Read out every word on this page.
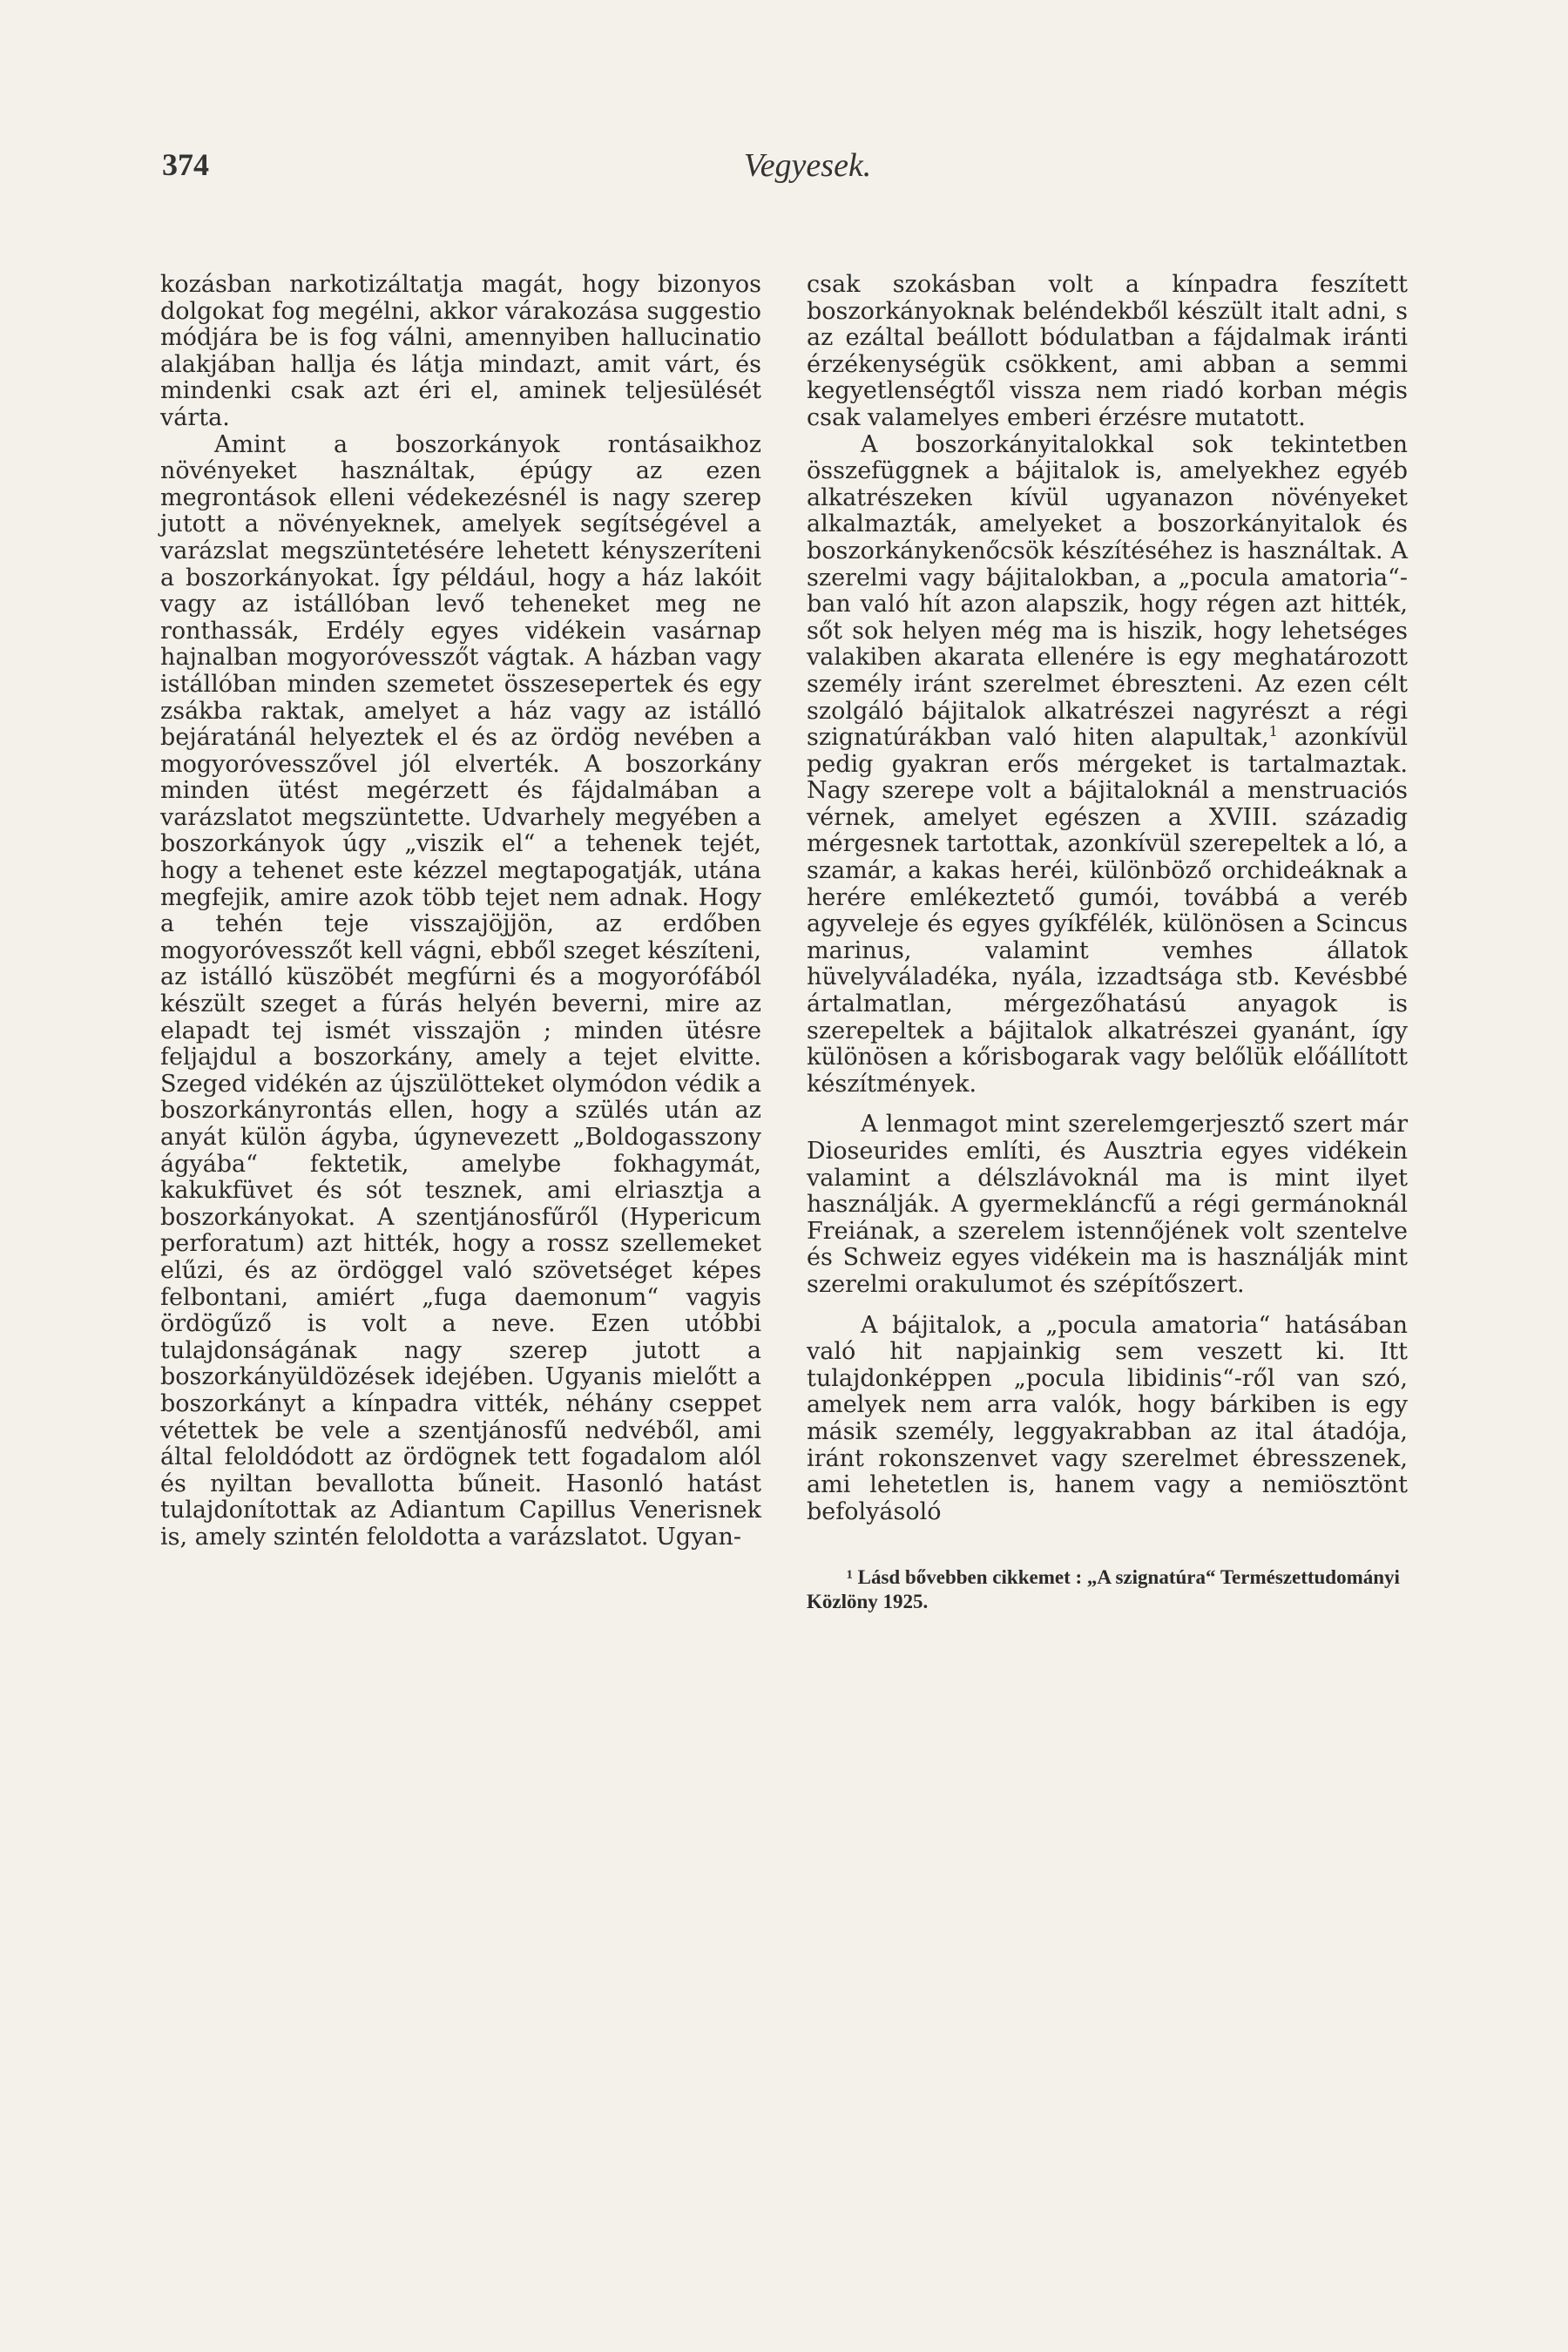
374	Vegyesek.

kozásban narkotizáltatja magát, hogy bizonyos dolgokat fog megélni, akkor várakozása suggestio módjára be is fog válni, amennyiben hallucinatio alakjában hallja és látja mindazt, amit várt, és mindenki csak azt éri el, aminek teljesülését várta.

Amint a boszorkányok rontásaikhoz növényeket használtak, épúgy az ezen megrontások elleni védekezésnél is nagy szerep jutott a növényeknek, amelyek segítségével a varázslat megszüntetésére lehetett kényszeríteni a boszorkányokat. Így például, hogy a ház lakóit vagy az istállóban levő teheneket meg ne ronthassák, Erdély egyes vidékein vasárnap hajnalban mogyoróvesszőt vágtak. A házban vagy istállóban minden szemetet összesepertek és egy zsákba raktak, amelyet a ház vagy az istálló bejáratánál helyeztek el és az ördög nevében a mogyoróvesszővel jól elverték. A boszorkány minden ütést megérzett és fájdalmában a varázslatot megszüntette. Udvarhely megyében a boszorkányok úgy „viszik el“ a tehenek tejét, hogy a tehenet este kézzel megtapogatják, utána megfejik, amire azok több tejet nem adnak. Hogy a tehén teje visszajöjjön, az erdőben mogyoróvesszőt kell vágni, ebből szeget készíteni, az istálló küszöbét megfúrni és a mogyorófából készült szeget a fúrás helyén beverni, mire az elapadt tej ismét visszajön ; minden ütésre feljajdul a boszorkány, amely a tejet elvitte. Szeged vidékén az újszülötteket olymódon védik a boszorkányrontás ellen, hogy a szülés után az anyát külön ágyba, úgynevezett „Boldogasszony ágyába“ fektetik, amelybe fokhagymát, kakukfüvet és sót tesznek, ami elriasztja a boszorkányokat. A szentjánosfűről (Hypericum perforatum) azt hitték, hogy a rossz szellemeket elűzi, és az ördöggel való szövetséget képes felbontani, amiért „fuga daemonum“ vagyis ördögűző is volt a neve. Ezen utóbbi tulajdonságának nagy szerep jutott a boszorkányüldözések idejében. Ugyanis mielőtt a boszorkányt a kínpadra vitték, néhány cseppet vétettek be vele a szentjánosfű nedvéből, ami által feloldódott az ördögnek tett fogadalom alól és nyiltan bevallotta bűneit. Hasonló hatást tulajdonítottak az Adiantum Capillus Venerisnek is, amely szintén feloldotta a varázslatot. Ugyan-

csak szokásban volt a kínpadra feszített boszorkányoknak beléndekből készült italt adni, s az ezáltal beállott bódulatban a fájdalmak iránti érzékenységük csökkent, ami abban a semmi kegyetlenségtől vissza nem riadó korban mégis csak valamelyes emberi érzésre mutatott.

A boszorkányitalokkal sok tekintetben összefüggnek a bájitalok is, amelyekhez egyéb alkatrészeken kívül ugyanazon növényeket alkalmazták, amelyeket a boszorkányitalok és boszorkánykenőcsök készítéséhez is használtak. A szerelmi vagy bájitalokban, a „pocula amatoria“-ban való hít azon alapszik, hogy régen azt hitték, sőt sok helyen még ma is hiszik, hogy lehetséges valakiben akarata ellenére is egy meghatározott személy iránt szerelmet ébreszteni. Az ezen célt szolgáló bájitalok alkatrészei nagyrészt a régi szignatúrákban való hiten alapultak,$^1$ azonkívül pedig gyakran erős mérgeket is tartalmaztak. Nagy szerepe volt a bájitaloknál a menstruaciós vérnek, amelyet egészen a XVIII. századig mérgesnek tartottak, azonkívül szerepeltek a ló, a szamár, a kakas heréi, különböző orchideáknak a herére emlékeztető gumói, továbbá a veréb agyveleje és egyes gyíkfélék, különösen a Scincus marinus, valamint vemhes állatok hüvelyváladéka, nyála, izzadtsága stb. Kevésbbé ártalmatlan, mérgezőhatású anyagok is szerepeltek a bájitalok alkatrészei gyanánt, így különösen a kőrisbogarak vagy belőlük előállított készítmények.

A lenmagot mint szerelemgerjesztő szert már Dioseurides említi, és Ausztria egyes vidékein valamint a délszlávoknál ma is mint ilyet használják. A gyermekláncfű a régi germánoknál Freiának, a szerelem istennőjének volt szentelve és Schweiz egyes vidékein ma is használják mint szerelmi orakulumot és szépítőszert.

A bájitalok, a „pocula amatoria“ hatásában való hit napjainkig sem veszett ki. Itt tulajdonképpen „pocula libidinis“-ről van szó, amelyek nem arra valók, hogy bárkiben is egy másik személy, leggyakrabban az ital átadója, iránt rokonszenvet vagy szerelmet ébresszenek, ami lehetetlen is, hanem vagy a nemiösztönt befolyásoló

¹ Lásd bővebben cikkemet : „A szignatúra“ Természettudományi Közlöny 1925.
